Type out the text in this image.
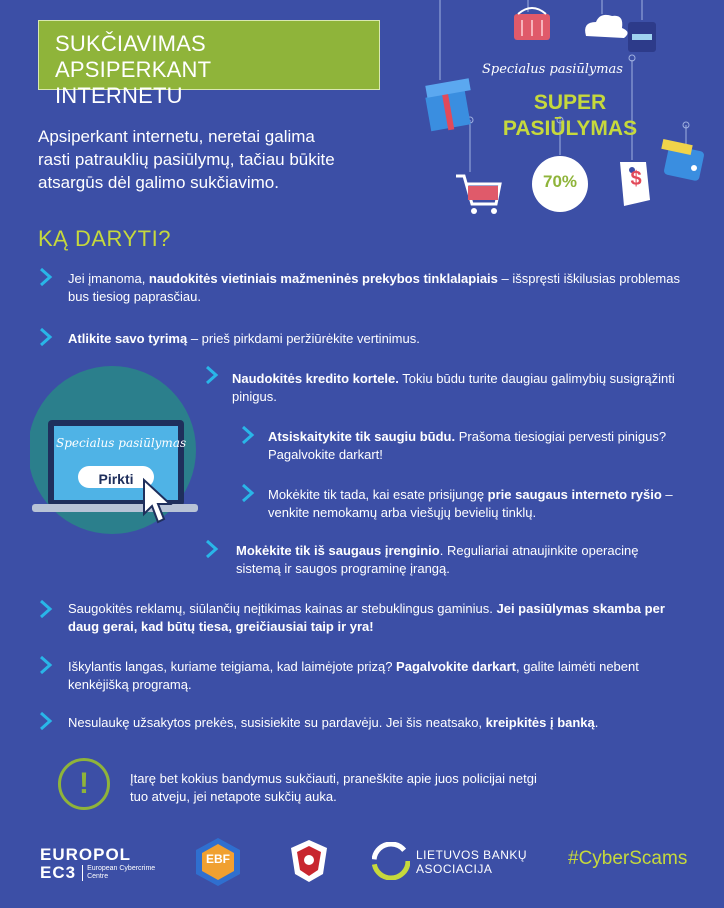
SUKČIAVIMAS APSIPERKANT
INTERNETU
Apsiperkant internetu, neretai galima
rasti patrauklių pasiūlymų, tačiau būkite
atsargūs dėl galimo sukčiavimo.
Specialus pasiūlymas
SUPER
PASIŪLYMAS
70%	$
KĄ DARYTI?
Specialus pasiūlymas
Pirkti
Jei įmanoma, naudokitės vietiniais mažmeninės prekybos tinklalapiais – išspręsti iškilusias problemas bus tiesiog paprasčiau.
Atlikite savo tyrimą – prieš pirkdami peržiūrėkite vertinimus.
Naudokitės kredito kortele. Tokiu būdu turite daugiau galimybių susigrąžinti pinigus.
Atsiskaitykite tik saugiu būdu. Prašoma tiesiogiai pervesti pinigus? Pagalvokite darkart!
Mokėkite tik tada, kai esate prisijungę prie saugaus interneto ryšio – venkite nemokamų arba viešųjų bevielių tinklų.
Mokėkite tik iš saugaus įrenginio. Reguliariai atnaujinkite operacinę sistemą ir saugos programinę įrangą.
Saugokitės reklamų, siūlančių neįtikimas kainas ar stebuklingus gaminius. Jei pasiūlymas skamba per daug gerai, kad būtų tiesa, greičiausiai taip ir yra!
Iškylantis langas, kuriame teigiama, kad laimėjote prizą? Pagalvokite darkart, galite laimėti nebent kenkėjišką programą.
Nesulaukę užsakytos prekės, susisiekite su pardavėju. Jei šis neatsako, kreipkitės į banką.
!	Įtarę bet kokius bandymus sukčiauti, praneškite apie juos policijai netgi
tuo atveju, jei netapote sukčių auka.
EUROPOL
EC3 European Cybercrime
Centre
EBF	LIETUVOS BANKŲ
ASOCIACIJA	#CyberScams
